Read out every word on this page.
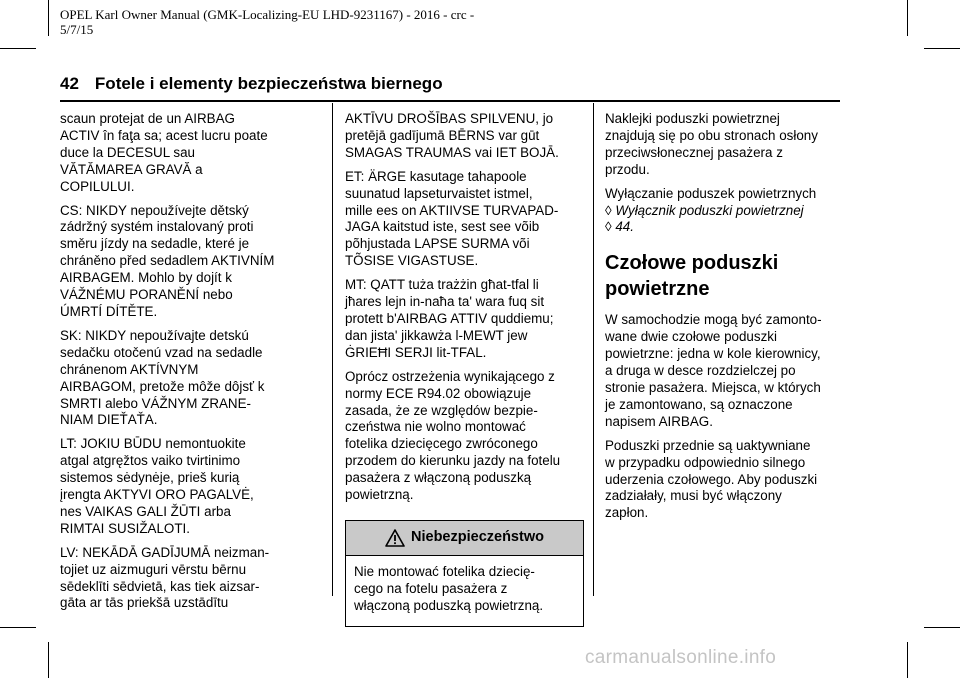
OPEL Karl Owner Manual (GMK-Localizing-EU LHD-9231167) - 2016 - crc -
5/7/15
42 Fotele i elementy bezpieczeństwa biernego

scaun protejat de un AIRBAG
ACTIV în faţa sa; acest lucru poate
duce la DECESUL sau
VĂTĂMAREA GRAVĂ a
COPILULUI.

CS: NIKDY nepoužívejte dětský
zádržný systém instalovaný proti
směru jízdy na sedadle, které je
chráněno před sedadlem AKTIVNÍM
AIRBAGEM. Mohlo by dojít k
VÁŽNÉMU PORANĚNÍ nebo
ÚMRTÍ DÍTĚTE.

SK: NIKDY nepoužívajte detskú
sedačku otočenú vzad na sedadle
chránenom AKTÍVNYM
AIRBAGOM, pretože môže dôjsť k
SMRTI alebo VÁŽNYM ZRANE-
NIAM DIEŤAŤA.

LT: JOKIU BŪDU nemontuokite
atgal atgręžtos vaiko tvirtinimo
sistemos sėdynėje, prieš kurią
įrengta AKTYVI ORO PAGALVĖ,
nes VAIKAS GALI ŽŪTI arba
RIMTAI SUSIŽALOTI.

LV: NEKĀDĀ GADĪJUMĀ neizman-
tojiet uz aizmuguri vērstu bērnu
sēdeklīti sēdvietā, kas tiek aizsar-
gāta ar tās priekšā uzstādītu

AKTĪVU DROŠĪBAS SPILVENU, jo
pretējā gadījumā BĒRNS var gūt
SMAGAS TRAUMAS vai IET BOJĀ.

ET: ÄRGE kasutage tahapoole
suunatud lapseturvaistet istmel,
mille ees on AKTIIVSE TURVAPAD-
JAGA kaitstud iste, sest see võib
põhjustada LAPSE SURMA või
TÕSISE VIGASTUSE.

MT: QATT tuża trażżin għat-tfal li
jħares lejn in-naħa ta' wara fuq sit
protett b'AIRBAG ATTIV quddiemu;
dan jista' jikkawża l-MEWT jew
ĠRIEĦI SERJI lit-TFAL.

Oprócz ostrzeżenia wynikającego z
normy ECE R94.02 obowiązuje
zasada, że ze względów bezpie-
czeństwa nie wolno montować
fotelika dziecięcego zwróconego
przodem do kierunku jazdy na fotelu
pasażera z włączoną poduszką
powietrzną.

Niebezpieczeństwo
Nie montować fotelika dziecię-
cego na fotelu pasażera z
włączoną poduszką powietrzną.

Naklejki poduszki powietrznej
znajdują się po obu stronach osłony
przeciwsłonecznej pasażera z
przodu.

Wyłączanie poduszek powietrznych
◊ Wyłącznik poduszki powietrznej
◊ 44.

Czołowe poduszki
powietrzne

W samochodzie mogą być zamonto-
wane dwie czołowe poduszki
powietrzne: jedna w kole kierownicy,
a druga w desce rozdzielczej po
stronie pasażera. Miejsca, w których
je zamontowano, są oznaczone
napisem AIRBAG.

Poduszki przednie są uaktywniane
w przypadku odpowiednio silnego
uderzenia czołowego. Aby poduszki
zadziałały, musi być włączony
zapłon.

carmanualsonline.info
